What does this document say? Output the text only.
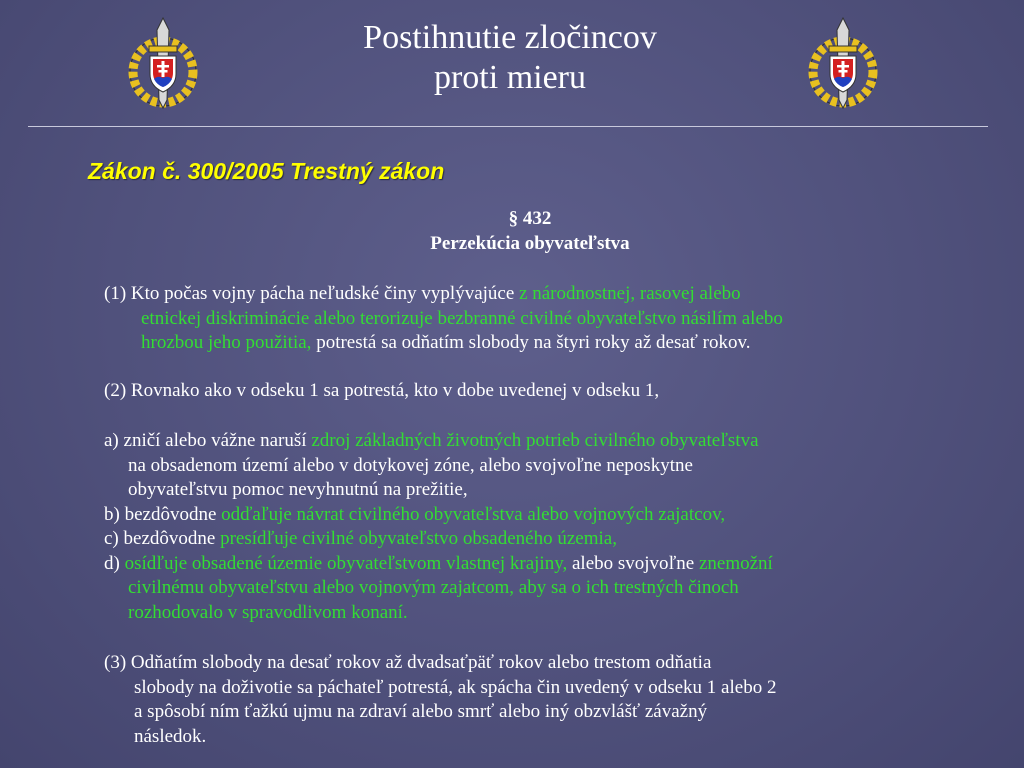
Postihnutie zločincov
proti mieru
Zákon č. 300/2005 Trestný zákon
§ 432
Perzekúcia obyvateľstva
(1) Kto počas vojny pácha neľudské činy vyplývajúce z národnostnej, rasovej alebo
etnickej diskriminácie alebo terorizuje bezbranné civilné obyvateľstvo násilím alebo
hrozbou jeho použitia, potrestá sa odňatím slobody na štyri roky až desať rokov.
(2) Rovnako ako v odseku 1 sa potrestá, kto v dobe uvedenej v odseku 1,
a) zničí alebo vážne naruší zdroj základných životných potrieb civilného obyvateľstva
na obsadenom území alebo v dotykovej zóne, alebo svojvoľne neposkytne
obyvateľstvu pomoc nevyhnutnú na prežitie,
b) bezdôvodne odďaľuje návrat civilného obyvateľstva alebo vojnových zajatcov,
c) bezdôvodne presídľuje civilné obyvateľstvo obsadeného územia,
d) osídľuje obsadené územie obyvateľstvom vlastnej krajiny, alebo svojvoľne znemožní
civilnému obyvateľstvu alebo vojnovým zajatcom, aby sa o ich trestných činoch
rozhodovalo v spravodlivom konaní.
(3) Odňatím slobody na desať rokov až dvadsaťpäť rokov alebo trestom odňatia
slobody na doživotie sa páchateľ potrestá, ak spácha čin uvedený v odseku 1 alebo 2
a spôsobí ním ťažkú ujmu na zdraví alebo smrť alebo iný obzvlášť závažný
následok.
